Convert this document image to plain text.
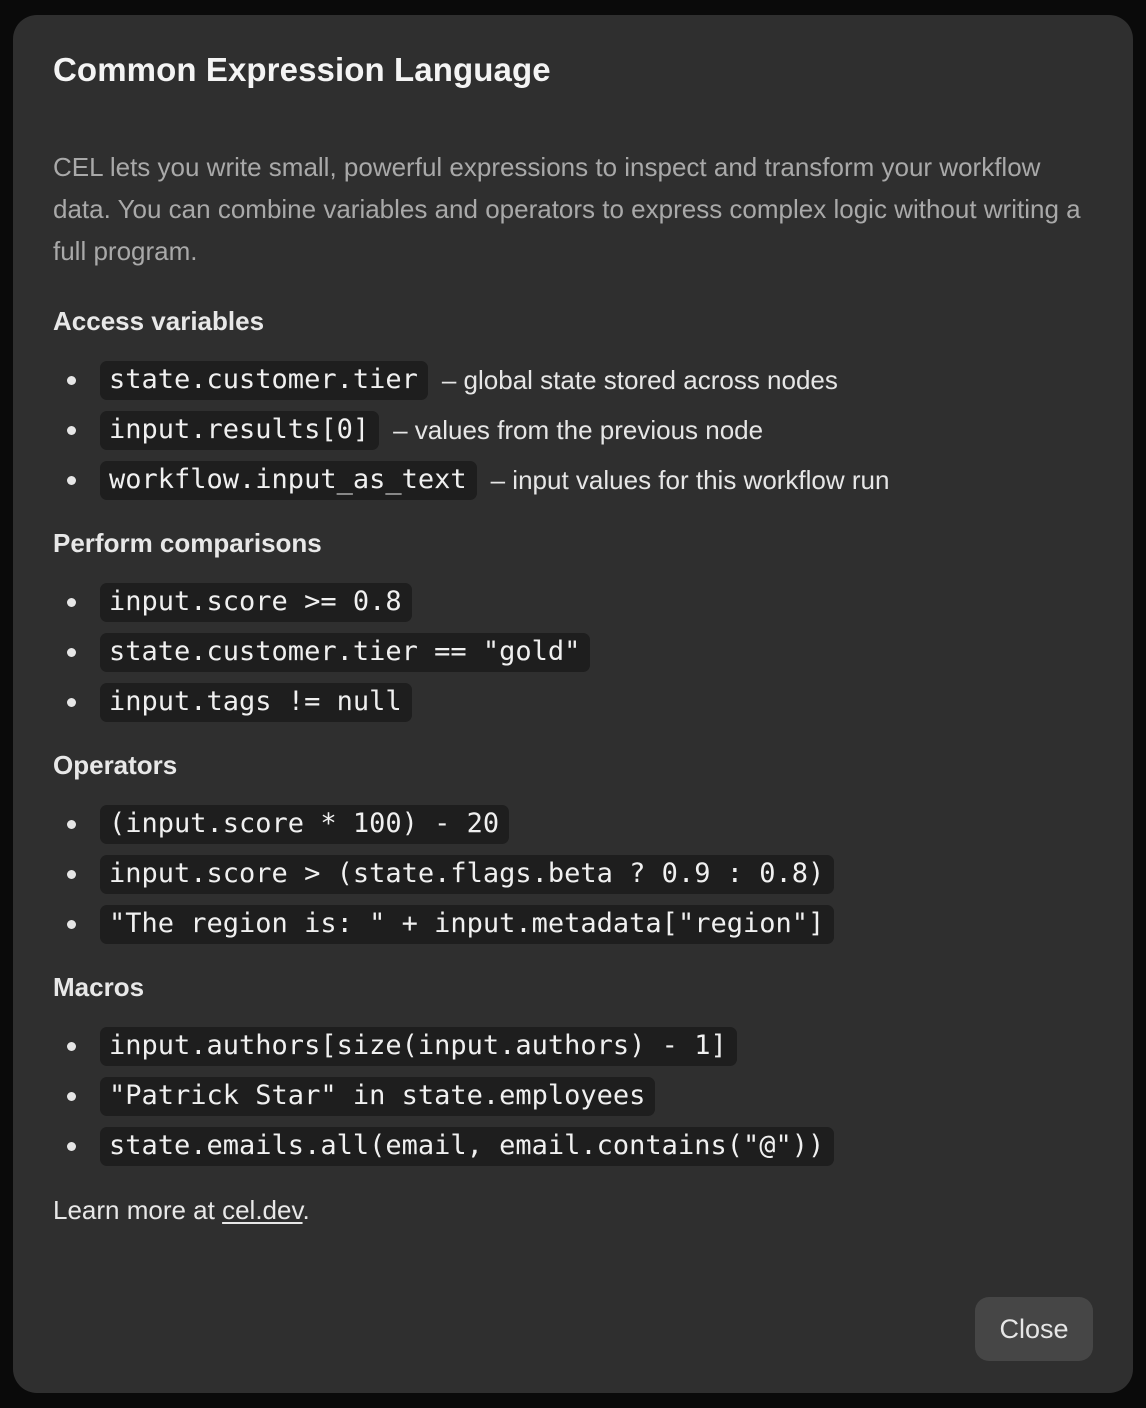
Common Expression Language

CEL lets you write small, powerful expressions to inspect and transform your workflow data. You can combine variables and operators to express complex logic without writing a full program.

Access variables
state.customer.tier – global state stored across nodes
input.results[0] – values from the previous node
workflow.input_as_text – input values for this workflow run
Perform comparisons
input.score >= 0.8
state.customer.tier == "gold"
input.tags != null
Operators
(input.score * 100) - 20
input.score > (state.flags.beta ? 0.9 : 0.8)
"The region is: " + input.metadata["region"]
Macros
input.authors[size(input.authors) - 1]
"Patrick Star" in state.employees
state.emails.all(email, email.contains("@"))

Learn more at cel.dev.

Close
